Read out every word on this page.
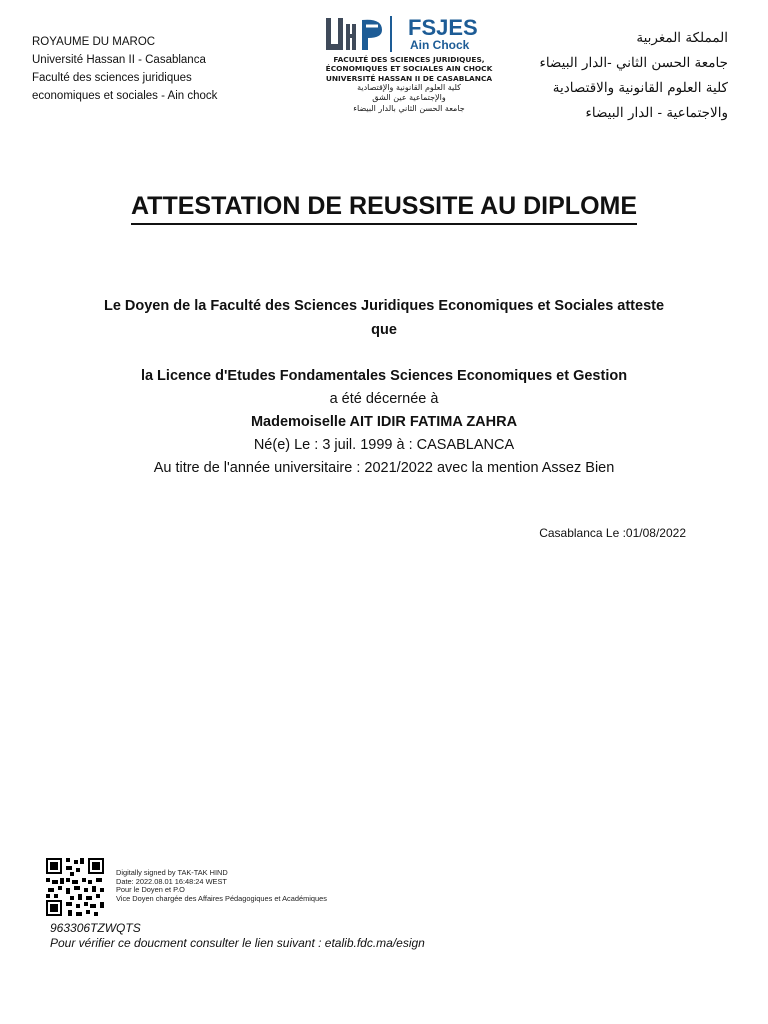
ROYAUME DU MAROC

Université Hassan II - Casablanca

Faculté des sciences juridiques

economiques et sociales - Ain chock

FSJES
Ain Chock

FACULTÉ DES SCIENCES JURIDIQUES,

ÉCONOMIQUES ET SOCIALES AIN CHOCK

UNIVERSITÉ HASSAN II DE CASABLANCA

كلية العلوم القانونية والإقتصادية

والإجتماعية عين الشق

جامعة الحسن الثاني بالدار البيضاء

المملكة المغربية

جامعة الحسن الثاني -الدار البيضاء

كلية العلوم القانونية والاقتصادية

والاجتماعية - الدار البيضاء

ATTESTATION DE REUSSITE AU DIPLOME

Le Doyen de la Faculté des Sciences Juridiques Economiques et Sociales atteste

que

la Licence d'Etudes Fondamentales Sciences Economiques et Gestion

a été décernée à

Mademoiselle AIT IDIR FATIMA ZAHRA

Né(e) Le : 3 juil. 1999 à : CASABLANCA

Au titre de l'année universitaire : 2021/2022 avec la mention Assez Bien

Casablanca Le :01/08/2022

Digitally signed by TAK-TAK HIND

Date: 2022.08.01 16:48:24 WEST

Pour le Doyen et P.O

Vice Doyen chargée des Affaires Pédagogiques et Académiques

963306TZWQTS

Pour vérifier ce doucment consulter le lien suivant : etalib.fdc.ma/esign
